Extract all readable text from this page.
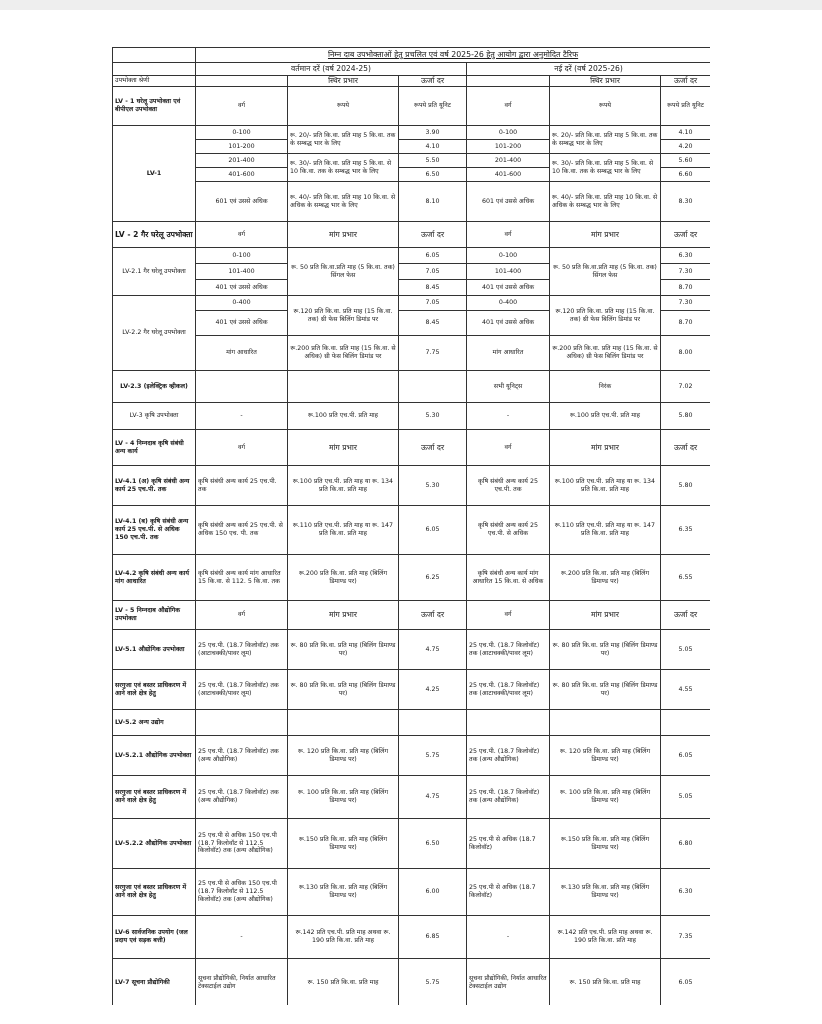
	निम्न दाब उपभोक्ताओं हेतु प्रचलित एवं वर्ष 2025-26 हेतु आयोग द्वारा अनुमोदित टैरिफ					
	वर्तमान दरें (वर्ष 2024-25)			नई दरें (वर्ष 2025-26)		
उपभोक्ता श्रेणी		स्थिर प्रभार	ऊर्जा दर		स्थिर प्रभार	ऊर्जा दर
LV - 1 घरेलू उपभोक्ता एवं बीपीएल उपभोक्ता	वर्ग	रूपये	रूपये प्रति यूनिट	वर्ग	रूपये	रूपये प्रति यूनिट
LV-1	0-100	रू. 20/- प्रति कि.वा. प्रति माह 5 कि.वा. तक के सम्बद्ध भार के लिए	3.90	0-100	रू. 20/- प्रति कि.वा. प्रति माह 5 कि.वा. तक के सम्बद्ध भार के लिए	4.10
	101-200		4.10	101-200		4.20
	201-400	रू. 30/- प्रति कि.वा. प्रति माह 5 कि.वा. से 10 कि.वा. तक के सम्बद्ध भार के लिए	5.50	201-400	रू. 30/- प्रति कि.वा. प्रति माह 5 कि.वा. से 10 कि.वा. तक के सम्बद्ध भार के लिए	5.60
	401-600		6.50	401-600		6.60
	601 एवं उससे अधिक	रू. 40/- प्रति कि.वा. प्रति माह 10 कि.वा. से अधिक के सम्बद्ध भार के लिए	8.10	601 एवं उससे अधिक	रू. 40/- प्रति कि.वा. प्रति माह 10 कि.वा. से अधिक के सम्बद्ध भार के लिए	8.30
LV - 2 गैर घरेलू उपभोक्ता	वर्ग	मांग प्रभार	ऊर्जा दर	वर्ग	मांग प्रभार	ऊर्जा दर
LV-2.1 गैर घरेलू उपभोक्ता	0-100	रू. 50 प्रति कि.वा.प्रति माह (5 कि.वा. तक) सिंगल फेस	6.05	0-100	रू. 50 प्रति कि.वा.प्रति माह (5 कि.वा. तक) सिंगल फेस	6.30
	101-400		7.05	101-400		7.30
	401 एवं उससे अधिक		8.45	401 एवं उससे अधिक		8.70
LV-2.2 गैर घरेलू उपभोक्ता	0-400	रू.120 प्रति कि.वा. प्रति माह (15 कि.वा. तक) थ्री फेस बिलिंग डिमांड पर	7.05	0-400	रू.120 प्रति कि.वा. प्रति माह (15 कि.वा. तक) थ्री फेस बिलिंग डिमांड पर	7.30
	401 एवं उससे अधिक		8.45	401 एवं उससे अधिक		8.70
	मांग आधारित	रू.200 प्रति कि.वा. प्रति माह (15 कि.वा. से अधिक) थ्री फेस बिलिंग डिमांड पर	7.75	मांग आधारित	रू.200 प्रति कि.वा. प्रति माह (15 कि.वा. से अधिक) थ्री फेस बिलिंग डिमांड पर	8.00
LV-2.3 (इलेक्ट्रिक व्हीकल)				सभी यूनिट्स	निरंक	7.02
LV-3 कृषि उपभोक्ता	-	रू.100 प्रति एच.पी. प्रति माह	5.30	-	रू.100 प्रति एच.पी. प्रति माह	5.80
LV - 4 निम्नदाब कृषि संबंधी अन्य कार्य	वर्ग	मांग प्रभार	ऊर्जा दर	वर्ग	मांग प्रभार	ऊर्जा दर
LV-4.1 (अ) कृषि संबंधी अन्य कार्य 25 एच.पी. तक	कृषि संबंधी अन्य कार्य 25 एच.पी. तक	रू.100 प्रति एच.पी. प्रति माह या रू. 134 प्रति कि.वा. प्रति माह	5.30	कृषि संबंधी अन्य कार्य 25 एच.पी. तक	रू.100 प्रति एच.पी. प्रति माह या रू. 134 प्रति कि.वा. प्रति माह	5.80
LV-4.1 (ब) कृषि संबंधी अन्य कार्य 25 एच.पी. से अधिक 150 एच.पी. तक	कृषि संबंधी अन्य कार्य 25 एच.पी. से अधिक 150 एच. पी. तक	रू.110 प्रति एच.पी. प्रति माह या रू. 147 प्रति कि.वा. प्रति माह	6.05	कृषि संबंधी अन्य कार्य 25 एच.पी. से अधिक	रू.110 प्रति एच.पी. प्रति माह या रू. 147 प्रति कि.वा. प्रति माह	6.35
LV-4.2 कृषि संबंधी अन्य कार्य मांग आधारित	कृषि संबंधी अन्य कार्य मांग आधारित 15 कि.वा. से 112. 5 कि.वा. तक	रू.200 प्रति कि.वा. प्रति माह (बिलिंग डिमाण्ड पर)	6.25	कृषि संबंधी अन्य कार्य मांग आधारित 15 कि.वा. से अधिक	रू.200 प्रति कि.वा. प्रति माह (बिलिंग डिमाण्ड पर)	6.55
LV - 5 निम्नदाब औद्योगिक उपभोक्ता	वर्ग	मांग प्रभार	ऊर्जा दर	वर्ग	मांग प्रभार	ऊर्जा दर
LV-5.1 औद्योगिक उपभोक्ता	25 एच.पी. (18.7 किलोवॉट) तक (आटाचक्की/पावर लूम)	रू. 80 प्रति कि.वा. प्रति माह (बिलिंग डिमाण्ड पर)	4.75	25 एच.पी. (18.7 किलोवॉट) तक (आटाचक्की/पावर लूम)	रू. 80 प्रति कि.वा. प्रति माह (बिलिंग डिमाण्ड पर)	5.05
सरगुजा एवं बस्तर प्राधिकरण में आने वाले क्षेत्र हेतु	25 एच.पी. (18.7 किलोवॉट) तक (आटाचक्की/पावर लूम)	रू. 80 प्रति कि.वा. प्रति माह (बिलिंग डिमाण्ड पर)	4.25	25 एच.पी. (18.7 किलोवॉट) तक (आटाचक्की/पावर लूम)	रू. 80 प्रति कि.वा. प्रति माह (बिलिंग डिमाण्ड पर)	4.55
LV-5.2 अन्य उद्योग						
LV-5.2.1 औद्योगिक उपभोक्ता	25 एच.पी. (18.7 किलोवॉट) तक (अन्य औद्योगिक)	रू. 120 प्रति कि.वा. प्रति माह (बिलिंग डिमाण्ड पर)	5.75	25 एच.पी. (18.7 किलोवॉट) तक (अन्य औद्योगिक)	रू. 120 प्रति कि.वा. प्रति माह (बिलिंग डिमाण्ड पर)	6.05
सरगुजा एवं बस्तर प्राधिकरण में आने वाले क्षेत्र हेतु	25 एच.पी. (18.7 किलोवॉट) तक (अन्य औद्योगिक)	रू. 100 प्रति कि.वा. प्रति माह (बिलिंग डिमाण्ड पर)	4.75	25 एच.पी. (18.7 किलोवॉट) तक (अन्य औद्योगिक)	रू. 100 प्रति कि.वा. प्रति माह (बिलिंग डिमाण्ड पर)	5.05
LV-5.2.2 औद्योगिक उपभोक्ता	25 एच.पी से अधिक 150 एच.पी (18.7 किलोवॉट से 112.5 किलोवॉट) तक (अन्य औद्योगिक)	रू.150 प्रति कि.वा. प्रति माह (बिलिंग डिमाण्ड पर)	6.50	25 एच.पी से अधिक (18.7 किलोवॉट)	रू.150 प्रति कि.वा. प्रति माह (बिलिंग डिमाण्ड पर)	6.80
सरगुजा एवं बस्तर प्राधिकरण में आने वाले क्षेत्र हेतु	25 एच.पी से अधिक 150 एच.पी (18.7 किलोवॉट से 112.5 किलोवॉट) तक (अन्य औद्योगिक)	रू.130 प्रति कि.वा. प्रति माह (बिलिंग डिमाण्ड पर)	6.00	25 एच.पी से अधिक (18.7 किलोवॉट)	रू.130 प्रति कि.वा. प्रति माह (बिलिंग डिमाण्ड पर)	6.30
LV-6 सार्वजनिक उपयोग (जल प्रदाय एवं सड़क बत्ती)	-	रू.142 प्रति एच.पी. प्रति माह अथवा रू. 190 प्रति कि.वा. प्रति माह	6.85	-	रू.142 प्रति एच.पी. प्रति माह अथवा रू. 190 प्रति कि.वा. प्रति माह	7.35
LV-7 सूचना प्रौद्योगिकी	सूचना प्रौद्योगिकी, निर्यात आधारित टेक्सटाईल उद्योग	रू. 150 प्रति कि.वा. प्रति माह	5.75	सूचना प्रौद्योगिकी, निर्यात आधारित टेक्सटाईल उद्योग	रू. 150 प्रति कि.वा. प्रति माह	6.05
